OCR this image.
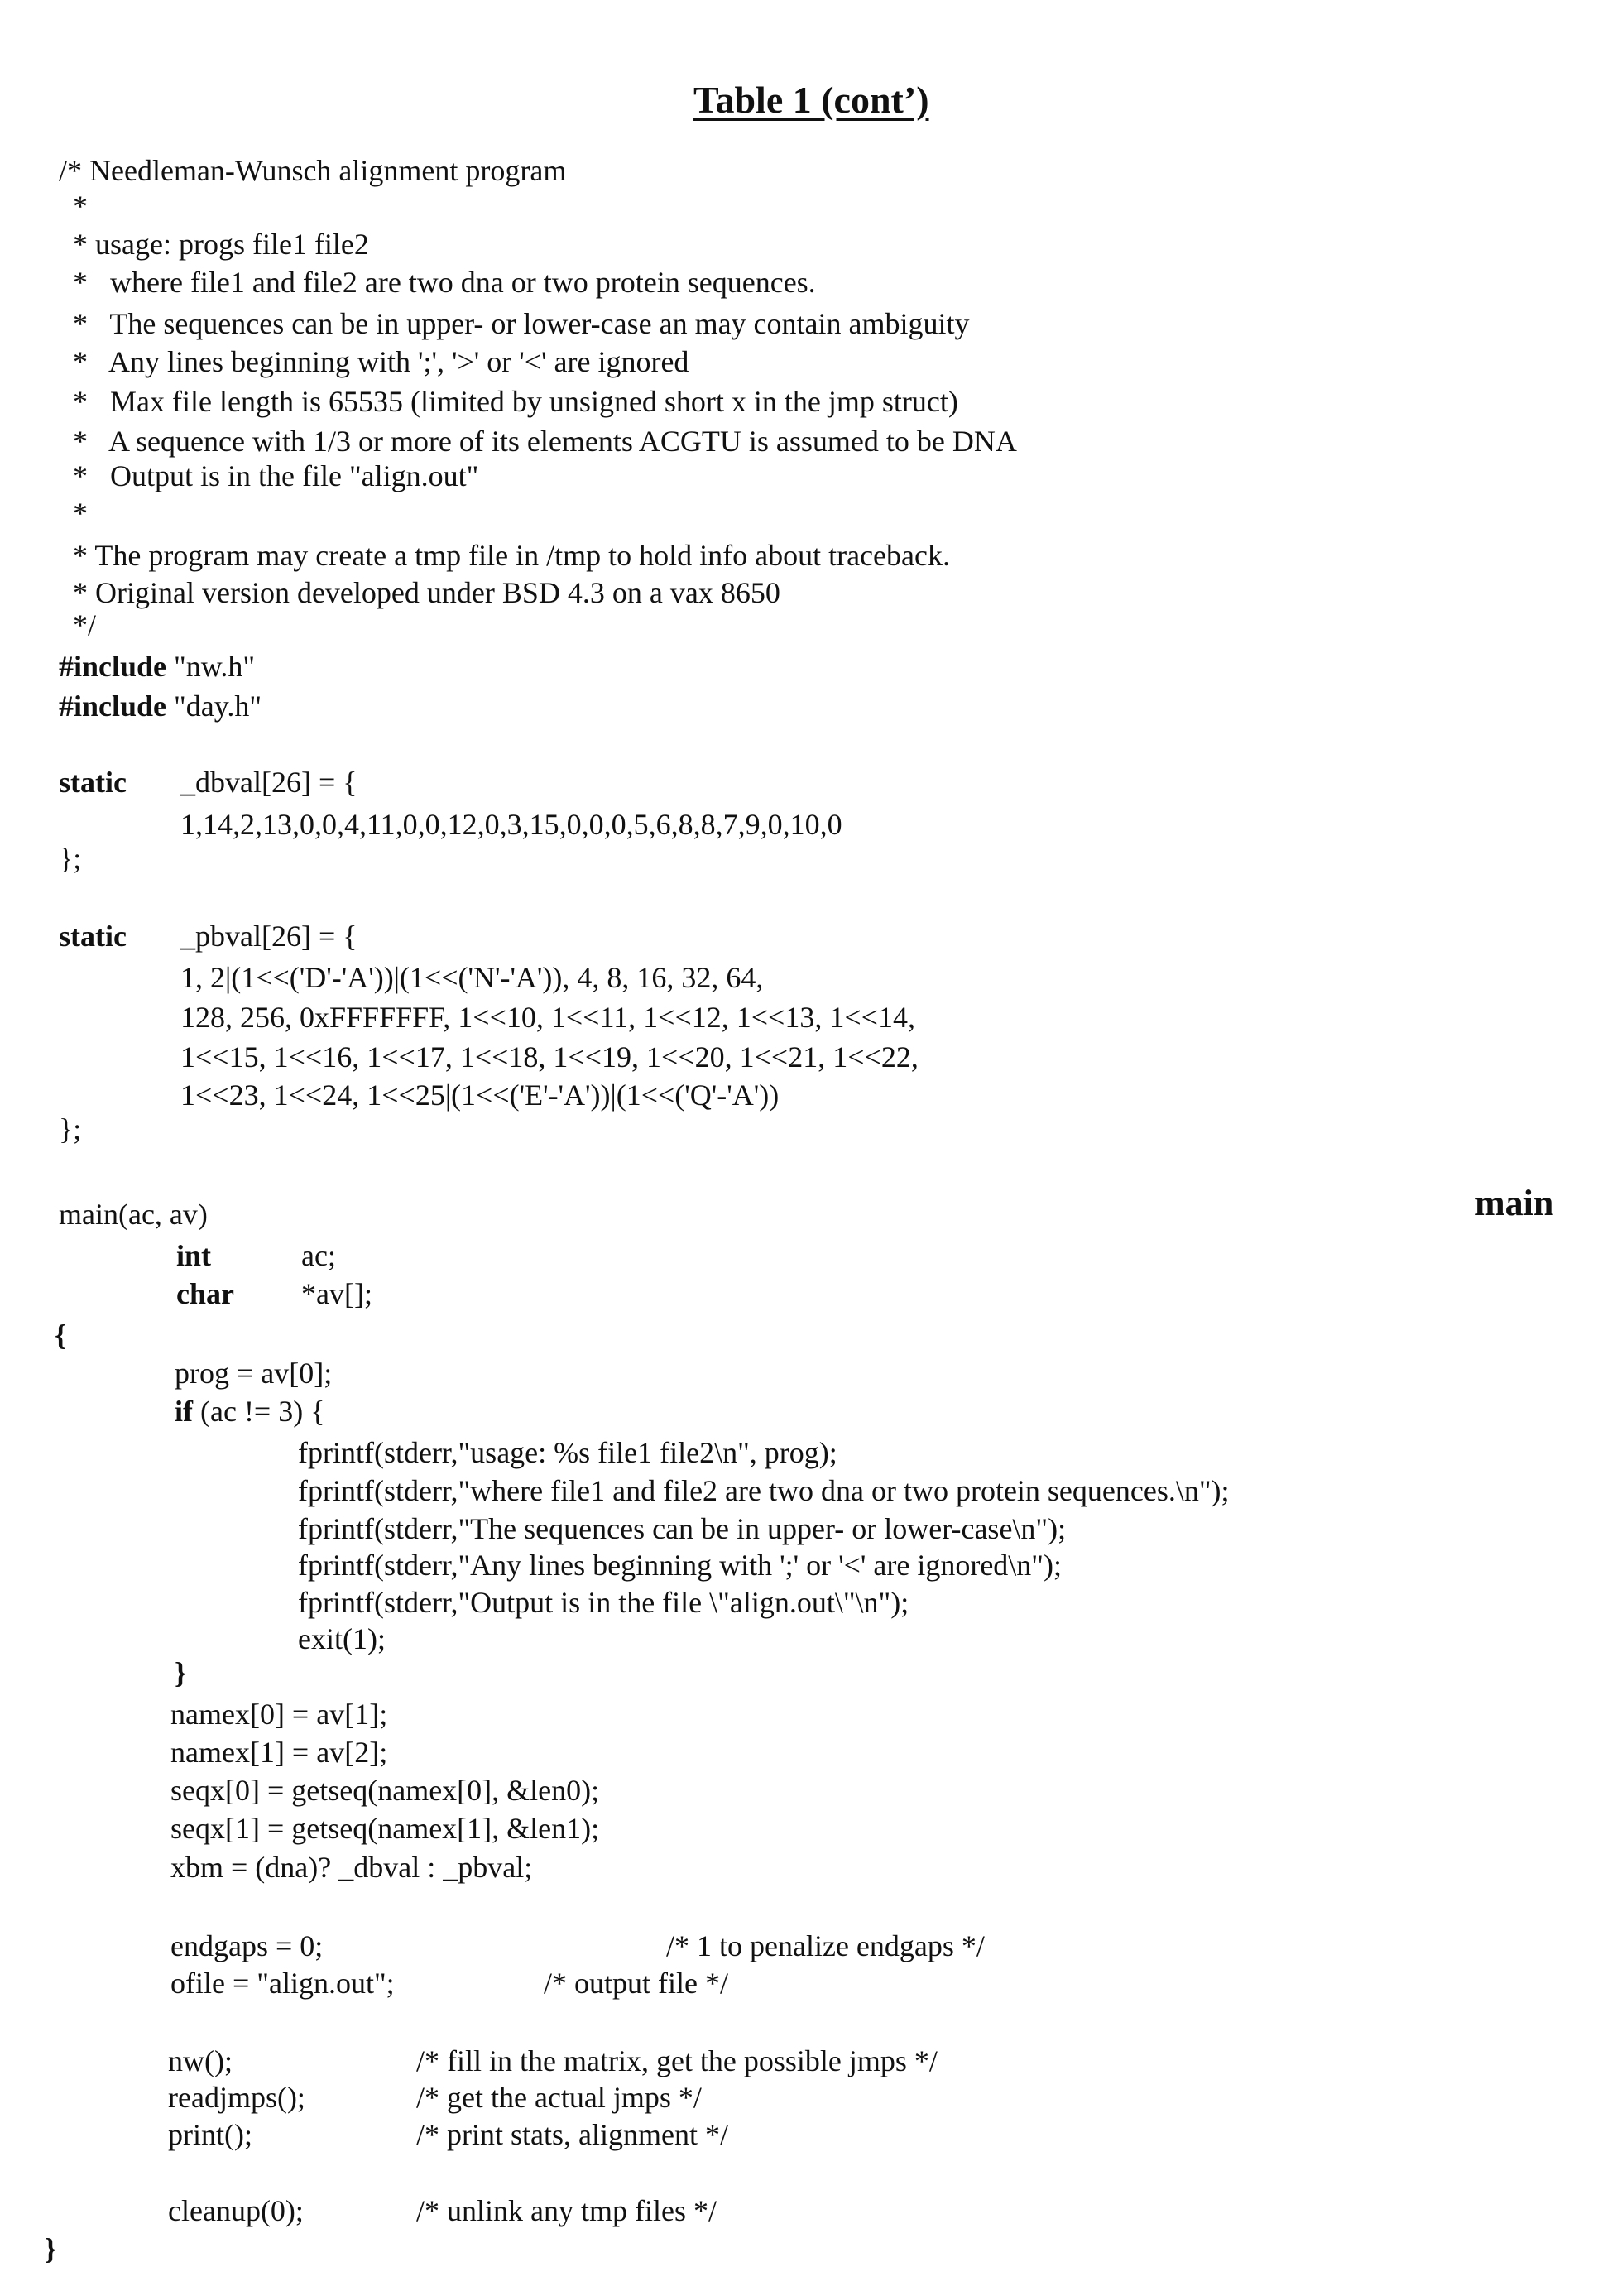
Table 1 (cont’)
main
/* Needleman-Wunsch alignment program
*
* usage: progs file1 file2
*   where file1 and file2 are two dna or two protein sequences.
*   The sequences can be in upper- or lower-case an may contain ambiguity
*   Any lines beginning with ';', '>' or '<' are ignored
*   Max file length is 65535 (limited by unsigned short x in the jmp struct)
*   A sequence with 1/3 or more of its elements ACGTU is assumed to be DNA
*   Output is in the file "align.out"
*
* The program may create a tmp file in /tmp to hold info about traceback.
* Original version developed under BSD 4.3 on a vax 8650
*/
#include "nw.h"
#include "day.h"
static _dbval[26] = {
1,14,2,13,0,0,4,11,0,0,12,0,3,15,0,0,0,5,6,8,8,7,9,0,10,0
};
static _pbval[26] = {
1, 2|(1<<('D'-'A'))|(1<<('N'-'A')), 4, 8, 16, 32, 64,
128, 256, 0xFFFFFFF, 1<<10, 1<<11, 1<<12, 1<<13, 1<<14,
1<<15, 1<<16, 1<<17, 1<<18, 1<<19, 1<<20, 1<<21, 1<<22,
1<<23, 1<<24, 1<<25|(1<<('E'-'A'))|(1<<('Q'-'A'))
};
main(ac, av)
int	ac;
char *av[];
{
prog = av[0];
if (ac != 3) {
fprintf(stderr,"usage: %s file1 file2\n", prog);
fprintf(stderr,"where file1 and file2 are two dna or two protein sequences.\n");
fprintf(stderr,"The sequences can be in upper- or lower-case\n");
fprintf(stderr,"Any lines beginning with ';' or '<' are ignored\n");
fprintf(stderr,"Output is in the file \"align.out\"\n");
exit(1);
}
namex[0] = av[1];
namex[1] = av[2];
seqx[0] = getseq(namex[0], &len0);
seqx[1] = getseq(namex[1], &len1);
xbm = (dna)? _dbval : _pbval;
endgaps = 0;	/* 1 to penalize endgaps */
ofile = "align.out";	/* output file */
nw();	/* fill in the matrix, get the possible jmps */
readjmps();	/* get the actual jmps */
print();	/* print stats, alignment */
cleanup(0);	/* unlink any tmp files */
}
